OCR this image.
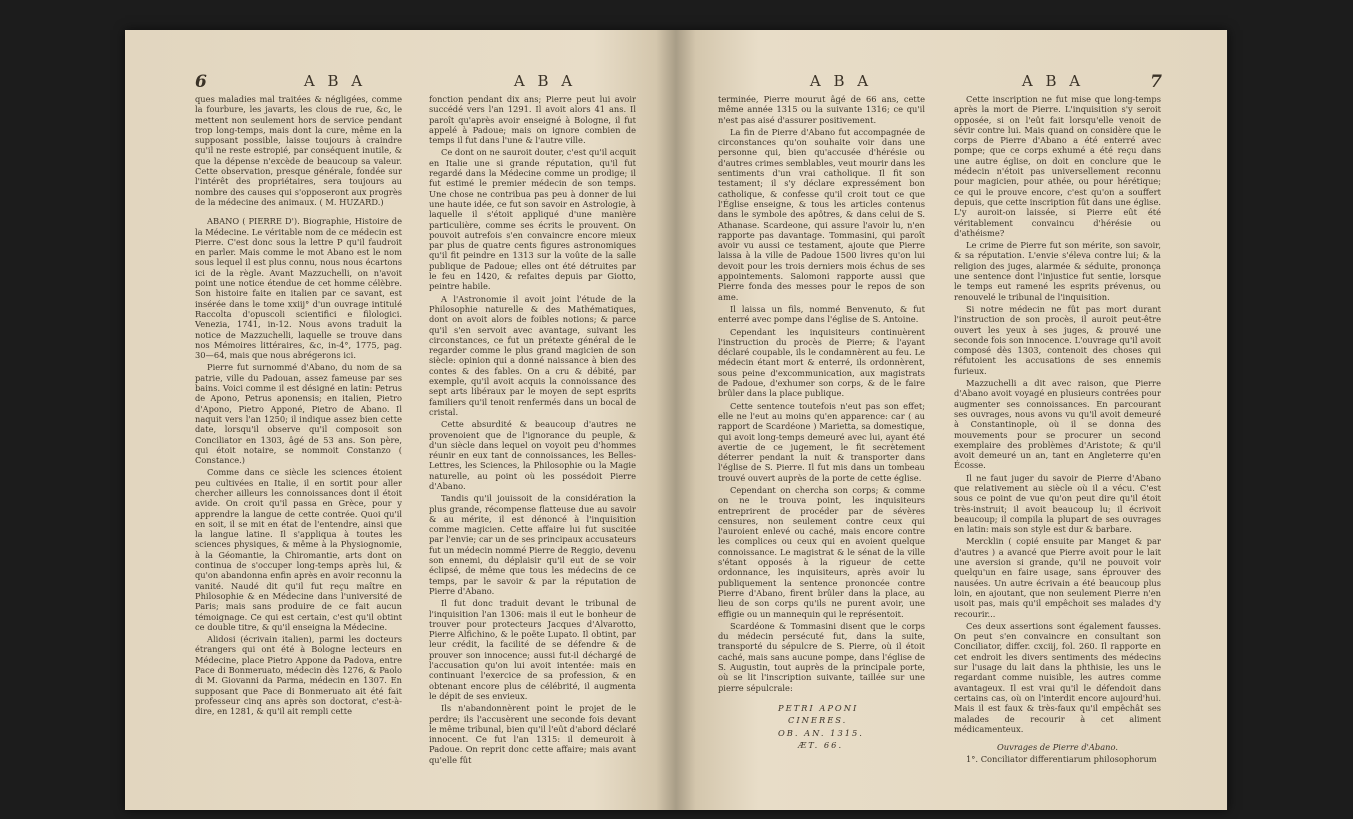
6	A B A	A B A

ques maladies mal traitées & négligées, comme la fourbure, les javarts, les clous de rue, &c, le mettent non seulement hors de service pendant trop long-temps, mais dont la cure, même en la supposant possible, laisse toujours à craindre qu'il ne reste estropié, par conséquent inutile, & que la dépense n'excède de beaucoup sa valeur. Cette observation, presque générale, fondée sur l'intérêt des propriétaires, sera toujours au nombre des causes qui s'opposeront aux progrès de la médecine des animaux. ( M. HUZARD.)

ABANO ( PIERRE D'). Biographie, Histoire de la Médecine. Le véritable nom de ce médecin est Pierre. C'est donc sous la lettre P qu'il faudroit en parler. Mais comme le mot Abano est le nom sous lequel il est plus connu, nous nous écartons ici de la règle. Avant Mazzuchelli, on n'avoit point une notice étendue de cet homme célèbre. Son histoire faite en italien par ce savant, est insérée dans le tome xxiij° d'un ouvrage intitulé Raccolta d'opuscoli scientifici e filologici. Venezia, 1741, in-12. Nous avons traduit la notice de Mazzuchelli, laquelle se trouve dans nos Mémoires littéraires, &c, in-4°, 1775, pag. 30—64, mais que nous abrégerons ici.

Pierre fut surnommé d'Abano, du nom de sa patrie, ville du Padouan, assez fameuse par ses bains. Voici comme il est désigné en latin: Petrus de Apono, Petrus aponensis; en italien, Pietro d'Apono, Pietro Apponé, Pietro de Abano. Il naquit vers l'an 1250; il indique assez bien cette date, lorsqu'il observe qu'il composoit son Conciliator en 1303, âgé de 53 ans. Son père, qui étoit notaire, se nommoit Constanzo ( Constance.)

Comme dans ce siècle les sciences étoient peu cultivées en Italie, il en sortit pour aller chercher ailleurs les connoissances dont il étoit avide. On croit qu'il passa en Grèce, pour y apprendre la langue de cette contrée. Quoi qu'il en soit, il se mit en état de l'entendre, ainsi que la langue latine. Il s'appliqua à toutes les sciences physiques, & même à la Physiognomie, à la Géomantie, la Chiromantie, arts dont on continua de s'occuper long-temps après lui, & qu'on abandonna enfin après en avoir reconnu la vanité. Naudé dit qu'il fut reçu maître en Philosophie & en Médecine dans l'université de Paris; mais sans produire de ce fait aucun témoignage. Ce qui est certain, c'est qu'il obtint ce double titre, & qu'il enseigna la Médecine.

Alidosi (écrivain italien), parmi les docteurs étrangers qui ont été à Bologne lecteurs en Médecine, place Pietro Appone da Padova, entre Pace di Bonmeruato, médecin dès 1276, & Paolo di M. Giovanni da Parma, médecin en 1307. En supposant que Pace di Bonmeruato ait été fait professeur cinq ans après son doctorat, c'est-à-dire, en 1281, & qu'il ait rempli cette

fonction pendant dix ans; Pierre peut lui avoir succédé vers l'an 1291. Il avoit alors 41 ans. Il paroît qu'après avoir enseigné à Bologne, il fut appelé à Padoue; mais on ignore combien de temps il fut dans l'une & l'autre ville.

Ce dont on ne sauroit douter, c'est qu'il acquit en Italie une si grande réputation, qu'il fut regardé dans la Médecine comme un prodige; il fut estimé le premier médecin de son temps. Une chose ne contribua pas peu à donner de lui une haute idée, ce fut son savoir en Astrologie, à laquelle il s'étoit appliqué d'une manière particulière, comme ses écrits le prouvent. On pouvoit autrefois s'en convaincre encore mieux par plus de quatre cents figures astronomiques qu'il fit peindre en 1313 sur la voûte de la salle publique de Padoue; elles ont été détruites par le feu en 1420, & refaites depuis par Giotto, peintre habile.

A l'Astronomie il avoit joint l'étude de la Philosophie naturelle & des Mathématiques, dont on avoit alors de foibles notions; & parce qu'il s'en servoit avec avantage, suivant les circonstances, ce fut un prétexte général de le regarder comme le plus grand magicien de son siècle: opinion qui a donné naissance à bien des contes & des fables. On a cru & débité, par exemple, qu'il avoit acquis la connoissance des sept arts libéraux par le moyen de sept esprits familiers qu'il tenoit renfermés dans un bocal de cristal.

Cette absurdité & beaucoup d'autres ne provenoient que de l'ignorance du peuple, & d'un siècle dans lequel on voyoit peu d'hommes réunir en eux tant de connoissances, les Belles-Lettres, les Sciences, la Philosophie ou la Magie naturelle, au point où les possédoit Pierre d'Abano.

Tandis qu'il jouissoit de la considération la plus grande, récompense flatteuse due au savoir & au mérite, il est dénoncé à l'inquisition comme magicien. Cette affaire lui fut suscitée par l'envie; car un de ses principaux accusateurs fut un médecin nommé Pierre de Reggio, devenu son ennemi, du déplaisir qu'il eut de se voir éclipsé, de même que tous les médecins de ce temps, par le savoir & par la réputation de Pierre d'Abano.

Il fut donc traduit devant le tribunal de l'inquisition l'an 1306: mais il eut le bonheur de trouver pour protecteurs Jacques d'Alvarotto, Pierre Alfichino, & le poëte Lupato. Il obtint, par leur crédit, la facilité de se défendre & de prouver son innocence; aussi fut-il déchargé de l'accusation qu'on lui avoit intentée: mais en continuant l'exercice de sa profession, & en obtenant encore plus de célébrité, il augmenta le dépit de ses envieux.

Ils n'abandonnèrent point le projet de le perdre; ils l'accusèrent une seconde fois devant le même tribunal, bien qu'il l'eût d'abord déclaré innocent. Ce fut l'an 1315: il demeuroit à Padoue. On reprit donc cette affaire; mais avant qu'elle fût

A B A	A B A	7

terminée, Pierre mourut âgé de 66 ans, cette même année 1315 ou la suivante 1316; ce qu'il n'est pas aisé d'assurer positivement.

La fin de Pierre d'Abano fut accompagnée de circonstances qu'on souhaite voir dans une personne qui, bien qu'accusée d'hérésie ou d'autres crimes semblables, veut mourir dans les sentiments d'un vrai catholique. Il fit son testament; il s'y déclare expressément bon catholique, & confesse qu'il croit tout ce que l'Église enseigne, & tous les articles contenus dans le symbole des apôtres, & dans celui de S. Athanase. Scardeone, qui assure l'avoir lu, n'en rapporte pas davantage. Tommasini, qui paroît avoir vu aussi ce testament, ajoute que Pierre laissa à la ville de Padoue 1500 livres qu'on lui devoit pour les trois derniers mois échus de ses appointements. Salomoni rapporte aussi que Pierre fonda des messes pour le repos de son ame.

Il laissa un fils, nommé Benvenuto, & fut enterré avec pompe dans l'église de S. Antoine.

Cependant les inquisiteurs continuèrent l'instruction du procès de Pierre; & l'ayant déclaré coupable, ils le condamnèrent au feu. Le médecin étant mort & enterré, ils ordonnèrent, sous peine d'excommunication, aux magistrats de Padoue, d'exhumer son corps, & de le faire brûler dans la place publique.

Cette sentence toutefois n'eut pas son effet; elle ne l'eut au moins qu'en apparence: car ( au rapport de Scardéone ) Marietta, sa domestique, qui avoit long-temps demeuré avec lui, ayant été avertie de ce jugement, le fit secrètement déterrer pendant la nuit & transporter dans l'église de S. Pierre. Il fut mis dans un tombeau trouvé ouvert auprès de la porte de cette église.

Cependant on chercha son corps; & comme on ne le trouva point, les inquisiteurs entreprirent de procéder par de sévères censures, non seulement contre ceux qui l'auroient enlevé ou caché, mais encore contre les complices ou ceux qui en avoient quelque connoissance. Le magistrat & le sénat de la ville s'étant opposés à la rigueur de cette ordonnance, les inquisiteurs, après avoir lu publiquement la sentence prononcée contre Pierre d'Abano, firent brûler dans la place, au lieu de son corps qu'ils ne purent avoir, une effigie ou un mannequin qui le représentoit.

Scardéone & Tommasini disent que le corps du médecin persécuté fut, dans la suite, transporté du sépulcre de S. Pierre, où il étoit caché, mais sans aucune pompe, dans l'église de S. Augustin, tout auprès de la principale porte, où se lit l'inscription suivante, taillée sur une pierre sépulcrale:

PETRI APONI

CINERES.

OB. AN. 1315.

ÆT. 66.

Cette inscription ne fut mise que long-temps après la mort de Pierre. L'inquisition s'y seroit opposée, si on l'eût fait lorsqu'elle venoit de sévir contre lui. Mais quand on considère que le corps de Pierre d'Abano a été enterré avec pompe; que ce corps exhumé a été reçu dans une autre église, on doit en conclure que le médecin n'étoit pas universellement reconnu pour magicien, pour athée, ou pour hérétique; ce qui le prouve encore, c'est qu'on a souffert depuis, que cette inscription fût dans une église. L'y auroit-on laissée, si Pierre eût été véritablement convaincu d'hérésie ou d'athéisme?

Le crime de Pierre fut son mérite, son savoir, & sa réputation. L'envie s'éleva contre lui; & la religion des juges, alarmée & séduite, prononça une sentence dont l'injustice fut sentie, lorsque le temps eut ramené les esprits prévenus, ou renouvelé le tribunal de l'inquisition.

Si notre médecin ne fût pas mort durant l'instruction de son procès, il auroit peut-être ouvert les yeux à ses juges, & prouvé une seconde fois son innocence. L'ouvrage qu'il avoit composé dès 1303, contenoit des choses qui réfutoient les accusations de ses ennemis furieux.

Mazzuchelli a dit avec raison, que Pierre d'Abano avoit voyagé en plusieurs contrées pour augmenter ses connoissances. En parcourant ses ouvrages, nous avons vu qu'il avoit demeuré à Constantinople, où il se donna des mouvements pour se procurer un second exemplaire des problèmes d'Aristote; & qu'il avoit demeuré un an, tant en Angleterre qu'en Écosse.

Il ne faut juger du savoir de Pierre d'Abano que relativement au siècle où il a vécu. C'est sous ce point de vue qu'on peut dire qu'il étoit très-instruit; il avoit beaucoup lu; il écrivoit beaucoup; il compila la plupart de ses ouvrages en latin: mais son style est dur & barbare.

Mercklin ( copié ensuite par Manget & par d'autres ) a avancé que Pierre avoit pour le lait une aversion si grande, qu'il ne pouvoit voir quelqu'un en faire usage, sans éprouver des nausées. Un autre écrivain a été beaucoup plus loin, en ajoutant, que non seulement Pierre n'en usoit pas, mais qu'il empêchoit ses malades d'y recourir...

Ces deux assertions sont également fausses. On peut s'en convaincre en consultant son Conciliator, differ. cxciij, fol. 260. Il rapporte en cet endroit les divers sentiments des médecins sur l'usage du lait dans la phthisie, les uns le regardant comme nuisible, les autres comme avantageux. Il est vrai qu'il le défendoit dans certains cas, où on l'interdit encore aujourd'hui. Mais il est faux & très-faux qu'il empêchât ses malades de recourir à cet aliment médicamenteux.

Ouvrages de Pierre d'Abano.

1°. Conciliator differentiarum philosophorum
